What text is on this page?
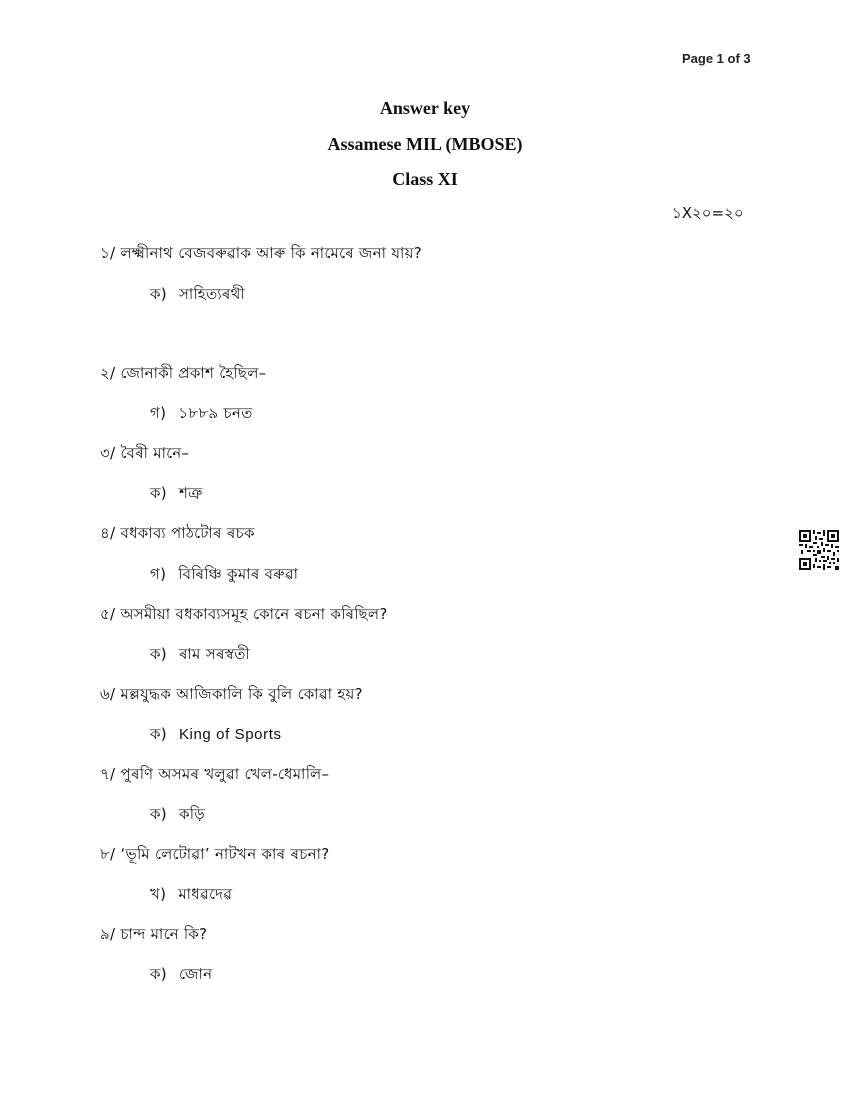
Page 1 of 3
Answer key
Assamese MIL (MBOSE)
Class XI
১X২০=২০
১/ লক্ষ্মীনাথ বেজবৰুৱাক আৰু কি নামেৰে জনা যায়?
ক) সাহিত্যৰথী
২/ জোনাকী প্ৰকাশ হৈছিল–
গ) ১৮৮৯ চনত
৩/ বৈৰী মানে–
ক) শত্ৰু
৪/ বধকাব্য পাঠটোৰ ৰচক
গ) বিৰিঞ্চি কুমাৰ বৰুৱা
৫/ অসমীয়া বধকাব্যসমূহ কোনে ৰচনা কৰিছিল?
ক) ৰাম সৰস্বতী
৬/ মল্লযুদ্ধক আজিকালি কি বুলি কোৱা হয়?
ক) King of Sports
৭/ পুৰণি অসমৰ খলুৱা খেল-ধেমালি–
ক) কড়ি
৮/ ‘ভূমি লেটোৱা’ নাটখন কাৰ ৰচনা?
খ) মাধৱদেৱ
৯/ চান্দ মানে কি?
ক) জোন
